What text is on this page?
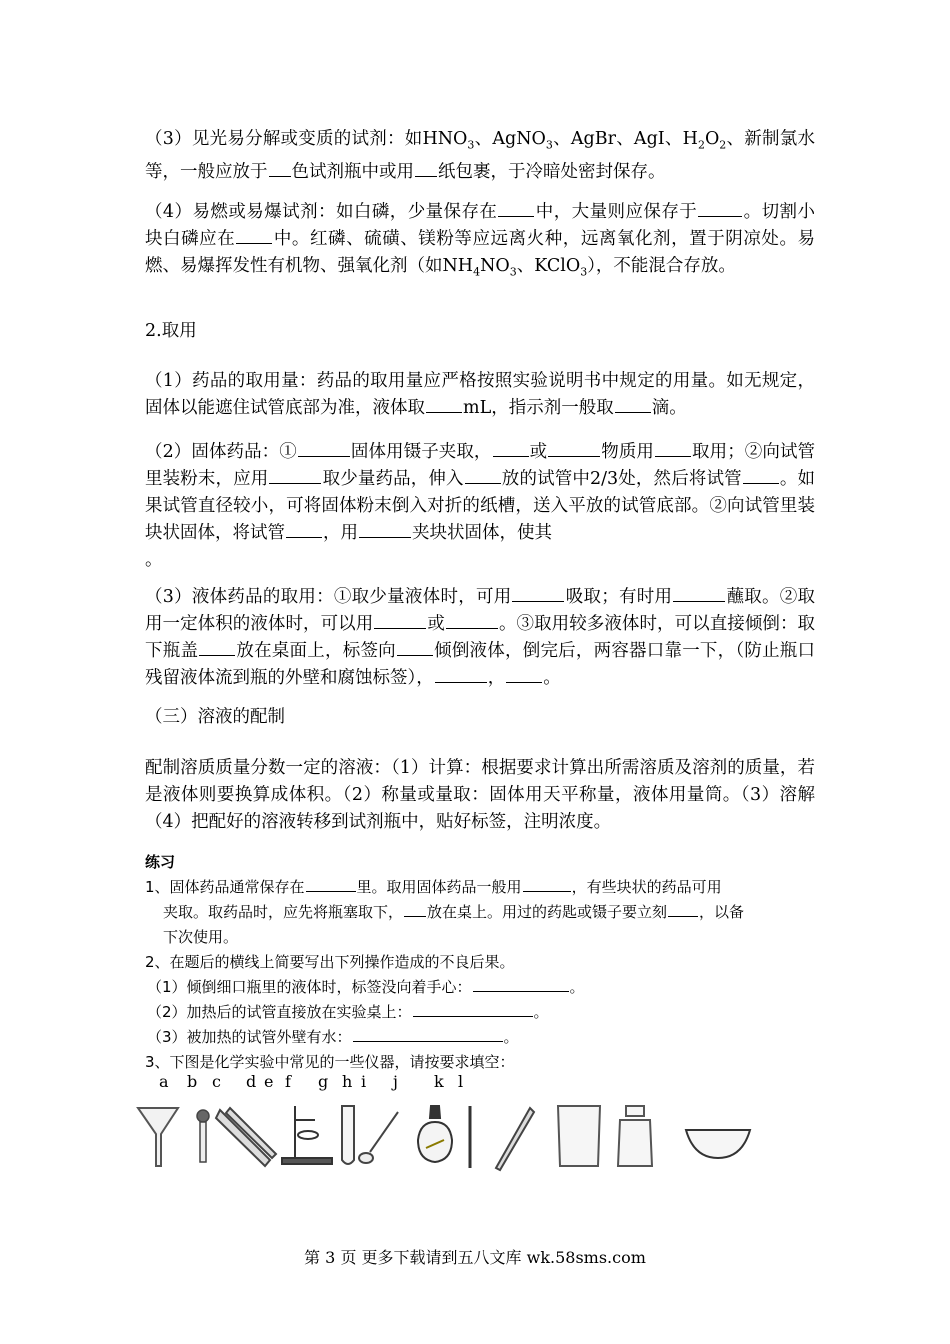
（3）见光易分解或变质的试剂：如$HNO_3$、AgNO$_3$、AgBr、AgI、$H_2O_2$、新制氯水等，一般应放于 色试剂瓶中或用 纸包裹，于冷暗处密封保存。

（4）易燃或易爆试剂：如白磷，少量保存在 中，大量则应保存于	。切割小块白磷应在 中。红磷、硫磺、镁粉等应远离火种，远离氧化剂，置于阴凉处。易燃、易爆挥发性有机物、强氧化剂（如$NH_4NO_3$、KClO$_3$），不能混合存放。

2.取用

（1）药品的取用量：药品的取用量应严格按照实验说明书中规定的用量。如无规定，固体以能遮住试管底部为准，液体取 mL，指示剂一般取 滴。

（2）固体药品：①	固体用镊子夹取， 或	物质用 取用；②向试管里装粉末，应用	取少量药品，伸入 放的试管中2/3处，然后将试管 。如果试管直径较小，可将固体粉末倒入对折的纸槽，送入平放的试管底部。②向试管里装块状固体，将试管 ，用	夹块状固体，使其
。

（3）液体药品的取用：①取少量液体时，可用	吸取；有时用	蘸取。②取用一定体积的液体时，可以用	或	。③取用较多液体时，可以直接倾倒：取下瓶盖 放在桌面上，标签向 倾倒液体，倒完后，两容器口靠一下，（防止瓶口残留液体流到瓶的外壁和腐蚀标签），	， 。

（三）溶液的配制

配制溶质质量分数一定的溶液：（1）计算：根据要求计算出所需溶质及溶剂的质量，若是液体则要换算成体积。（2）称量或量取：固体用天平称量，液体用量筒。（3）溶解（4）把配好的溶液转移到试剂瓶中，贴好标签，注明浓度。

练习

1、固体药品通常保存在	里。取用固体药品一般用	，有些块状的药品可用

夹取。取药品时，应先将瓶塞取下， 放在桌上。用过的药匙或镊子要立刻 ，以备

下次使用。

2、在题后的横线上简要写出下列操作造成的不良后果。

（1）倾倒细口瓶里的液体时，标签没向着手心：	。

（2）加热后的试管直接放在实验桌上：	。

（3）被加热的试管外壁有水：	。

3、下图是化学实验中常见的一些仪器，请按要求填空：

a b c d e f g h i j k l
第 3 页 更多下载请到五八文库 wk.58sms.com
